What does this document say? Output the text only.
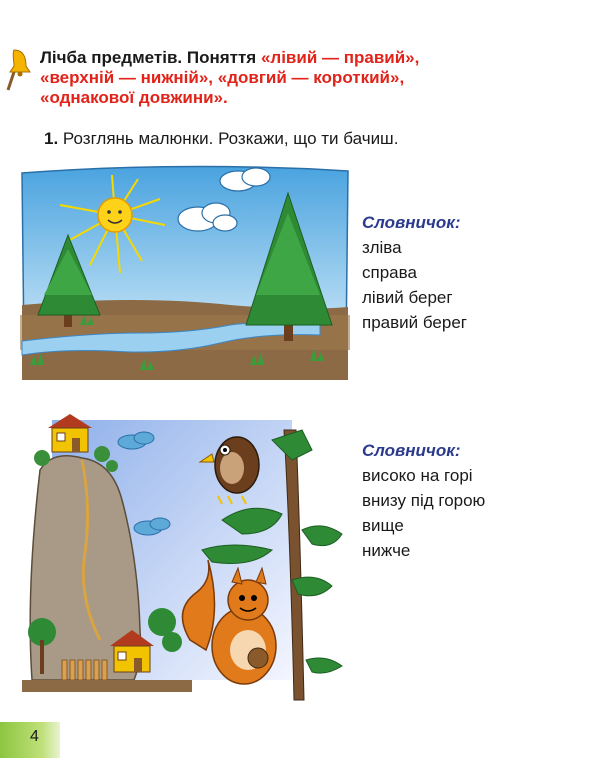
Лічба предметів. Поняття «лівий — правий»,
«верхній — нижній», «довгий — короткий»,
«однакової довжини».
1. Розглянь малюнки. Розкажи, що ти бачиш.
Словничок:
зліва
справа
лівий берег
правий берег
Словничок:
високо на горі
внизу під горою
вище
нижче
4
